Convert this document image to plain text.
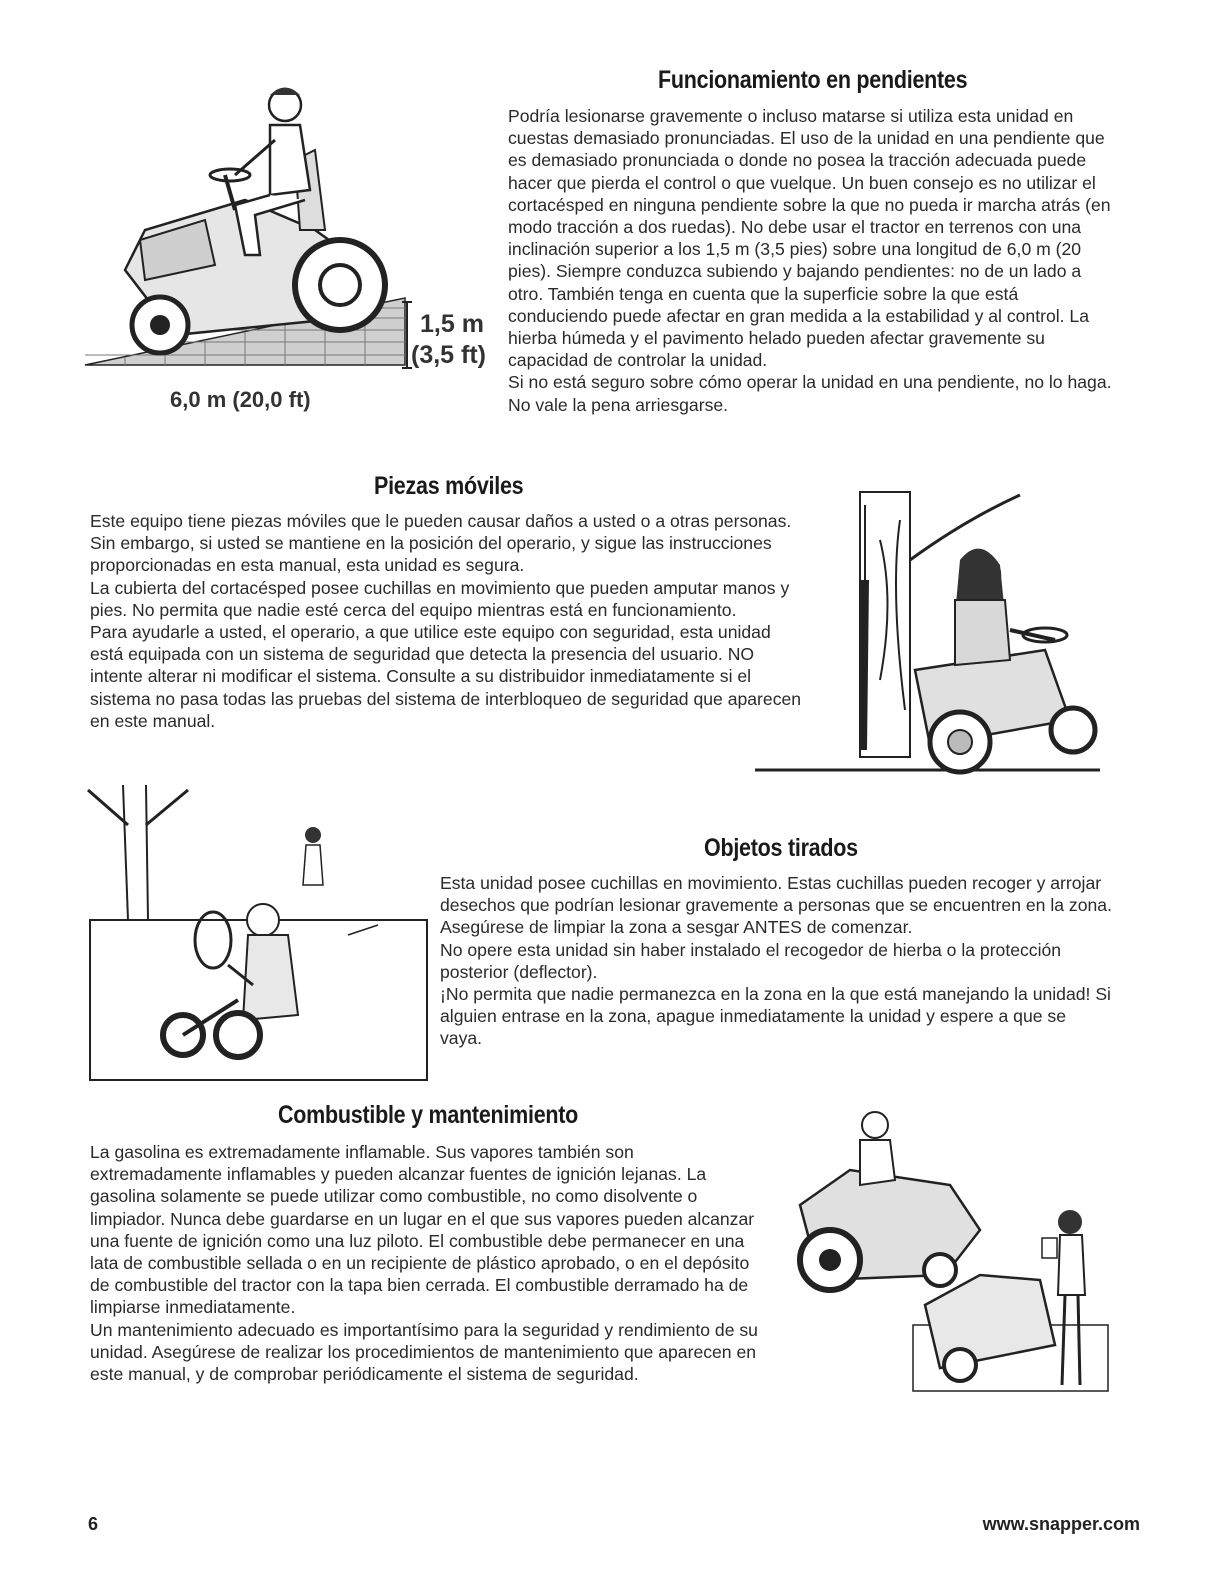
1,5 m
(3,5 ft)
6,0 m (20,0 ft)
Funcionamiento en pendientes

Podría lesionarse gravemente o incluso matarse si utiliza esta unidad en cuestas demasiado pronunciadas. El uso de la unidad en una pendiente que es demasiado pronunciada o donde no posea la tracción adecuada puede hacer que pierda el control o que vuelque. Un buen consejo es no utilizar el cortacésped en ninguna pendiente sobre la que no pueda ir marcha atrás (en modo tracción a dos ruedas). No debe usar el tractor en terrenos con una inclinación superior a los 1,5 m (3,5 pies) sobre una longitud de 6,0 m (20 pies). Siempre conduzca subiendo y bajando pendientes: no de un lado a otro. También tenga en cuenta que la superficie sobre la que está conduciendo puede afectar en gran medida a la estabilidad y al control. La hierba húmeda y el pavimento helado pueden afectar gravemente su capacidad de controlar la unidad.

Si no está seguro sobre cómo operar la unidad en una pendiente, no lo haga. No vale la pena arriesgarse.

Piezas móviles

Este equipo tiene piezas móviles que le pueden causar daños a usted o a otras personas. Sin embargo, si usted se mantiene en la posición del operario, y sigue las instrucciones proporcionadas en esta manual, esta unidad es segura.

La cubierta del cortacésped posee cuchillas en movimiento que pueden amputar manos y pies. No permita que nadie esté cerca del equipo mientras está en funcionamiento.

Para ayudarle a usted, el operario, a que utilice este equipo con seguridad, esta unidad está equipada con un sistema de seguridad que detecta la presencia del usuario. NO intente alterar ni modificar el sistema. Consulte a su distribuidor inmediatamente si el sistema no pasa todas las pruebas del sistema de interbloqueo de seguridad que aparecen en este manual.

Objetos tirados

Esta unidad posee cuchillas en movimiento. Estas cuchillas pueden recoger y arrojar desechos que podrían lesionar gravemente a personas que se encuentren en la zona. Asegúrese de limpiar la zona a sesgar ANTES de comenzar.

No opere esta unidad sin haber instalado el recogedor de hierba o la protección posterior (deflector).

¡No permita que nadie permanezca en la zona en la que está manejando la unidad! Si alguien entrase en la zona, apague inmediatamente la unidad y espere a que se vaya.

Combustible y mantenimiento

La gasolina es extremadamente inflamable. Sus vapores también son extremadamente inflamables y pueden alcanzar fuentes de ignición lejanas. La gasolina solamente se puede utilizar como combustible, no como disolvente o limpiador. Nunca debe guardarse en un lugar en el que sus vapores pueden alcanzar una fuente de ignición como una luz piloto. El combustible debe permanecer en una lata de combustible sellada o en un recipiente de plástico aprobado, o en el depósito de combustible del tractor con la tapa bien cerrada. El combustible derramado ha de limpiarse inmediatamente.

Un mantenimiento adecuado es importantísimo para la seguridad y rendimiento de su unidad. Asegúrese de realizar los procedimientos de mantenimiento que aparecen en este manual, y de comprobar periódicamente el sistema de seguridad.

6	www.snapper.com
